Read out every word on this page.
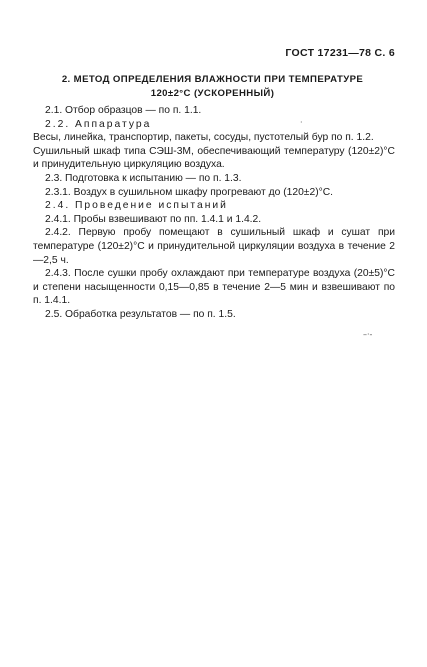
ГОСТ 17231—78 С. 6
2. МЕТОД ОПРЕДЕЛЕНИЯ ВЛАЖНОСТИ ПРИ ТЕМПЕРАТУРЕ
120±2°С (УСКОРЕННЫЙ)

2.1. Отбор образцов — по п. 1.1.

2.2. Аппаратура

Весы, линейка, транспортир, пакеты, сосуды, пустотелый бур по п. 1.2.

Сушильный шкаф типа СЭШ-3М, обеспечивающий температуру (120±2)°С и принудительную циркуляцию воздуха.

2.3. Подготовка к испытанию — по п. 1.3.

2.3.1. Воздух в сушильном шкафу прогревают до (120±2)°С.

2.4. Проведение испытаний

2.4.1. Пробы взвешивают по пп. 1.4.1 и 1.4.2.

2.4.2. Первую пробу помещают в сушильный шкаф и сушат при температуре (120±2)°С и принудительной циркуляции воздуха в течение 2—2,5 ч.

2.4.3. После сушки пробу охлаждают при температуре воздуха (20±5)°С и степени насыщенности 0,15—0,85 в течение 2—5 мин и взвешивают по п. 1.4.1.

2.5. Обработка результатов — по п. 1.5.

·
–·-
